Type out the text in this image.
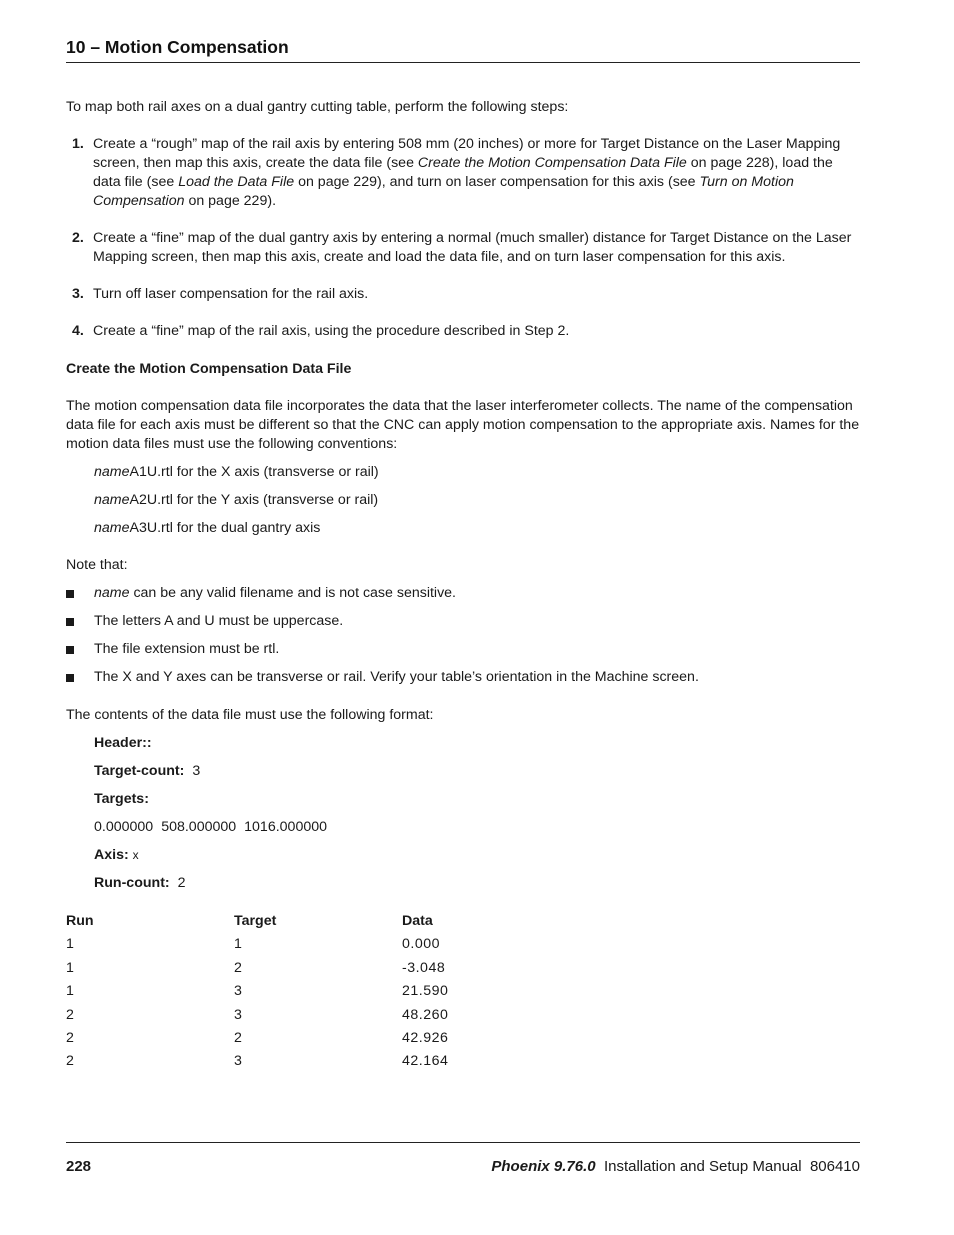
10 – Motion Compensation

To map both rail axes on a dual gantry cutting table, perform the following steps:

1. Create a “rough” map of the rail axis by entering 508 mm (20 inches) or more for Target Distance on the Laser Mapping screen, then map this axis, create the data file (see Create the Motion Compensation Data File on page 228), load the data file (see Load the Data File on page 229), and turn on laser compensation for this axis (see Turn on Motion Compensation on page 229).
2. Create a “fine” map of the dual gantry axis by entering a normal (much smaller) distance for Target Distance on the Laser Mapping screen, then map this axis, create and load the data file, and on turn laser compensation for this axis.
3. Turn off laser compensation for the rail axis.
4. Create a “fine” map of the rail axis, using the procedure described in Step 2.

Create the Motion Compensation Data File

The motion compensation data file incorporates the data that the laser interferometer collects. The name of the compensation data file for each axis must be different so that the CNC can apply motion compensation to the appropriate axis. Names for the motion data files must use the following conventions:

nameA1U.rtl for the X axis (transverse or rail)
nameA2U.rtl for the Y axis (transverse or rail)
nameA3U.rtl for the dual gantry axis

Note that:

name can be any valid filename and is not case sensitive.
The letters A and U must be uppercase.
The file extension must be rtl.
The X and Y axes can be transverse or rail. Verify your table’s orientation in the Machine screen.

The contents of the data file must use the following format:

Header::
Target-count: 3
Targets:
0.000000 508.000000 1016.000000
Axis: x
Run-count: 2
Run	Target	Data
1	1	0.000
1	2	-3.048
1	3	21.590
2	3	48.260
2	2	42.926
2	3	42.164
228	Phoenix 9.76.0 Installation and Setup Manual 806410
